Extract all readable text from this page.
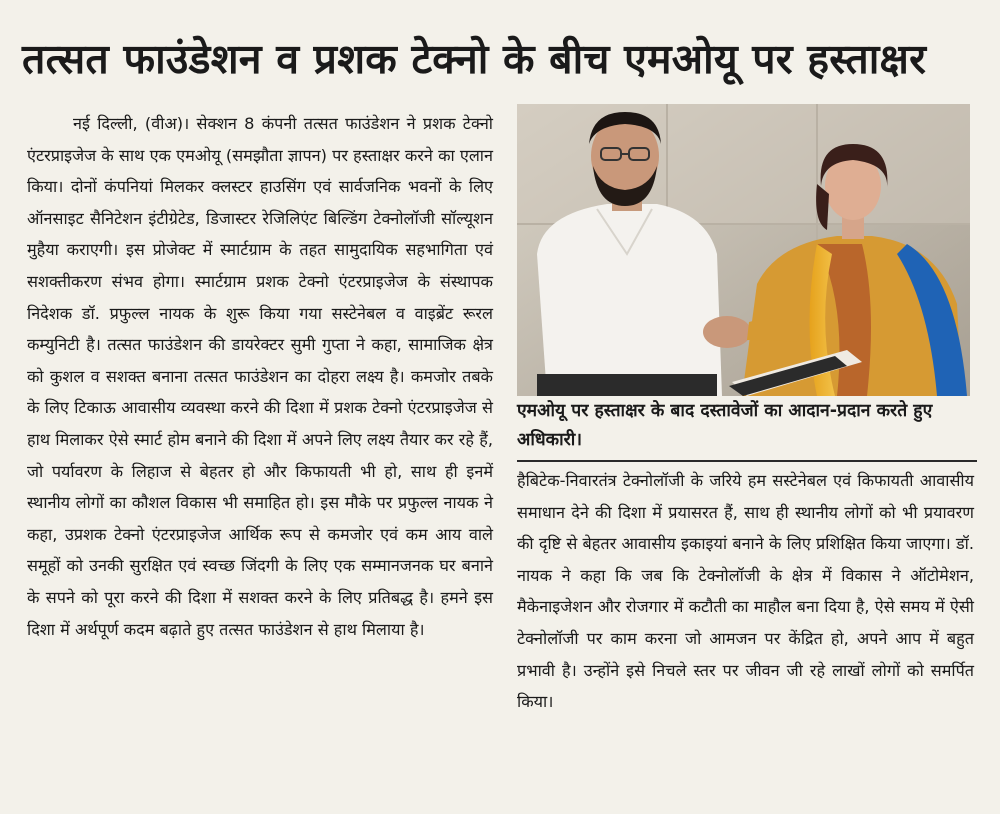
तत्सत फाउंडेशन व प्रशक टेक्नो के बीच एमओयू पर हस्ताक्षर

नई दिल्ली, (वीअ)। सेक्शन 8 कंपनी तत्सत फाउंडेशन ने प्रशक टेक्नो एंटरप्राइजेज के साथ एक एमओयू (समझौता ज्ञापन) पर हस्ताक्षर करने का एलान किया। दोनों कंपनियां मिलकर क्लस्टर हाउसिंग एवं सार्वजनिक भवनों के लिए ऑनसाइट सैनिटेशन इंटीग्रेटेड, डिजास्टर रेजिलिएंट बिल्डिंग टेक्नोलॉजी सॉल्यूशन मुहैया कराएगी। इस प्रोजेक्ट में स्मार्टग्राम के तहत सामुदायिक सहभागिता एवं सशक्तीकरण संभव होगा। स्मार्टग्राम प्रशक टेक्नो एंटरप्राइजेज के संस्थापक निदेशक डॉ. प्रफुल्ल नायक के शुरू किया गया सस्टेनेबल व वाइब्रेंट रूरल कम्युनिटी है। तत्सत फाउंडेशन की डायरेक्टर सुमी गुप्ता ने कहा, सामाजिक क्षेत्र को कुशल व सशक्त बनाना तत्सत फाउंडेशन का दोहरा लक्ष्य है। कमजोर तबके के लिए टिकाऊ आवासीय व्यवस्था करने की दिशा में प्रशक टेक्नो एंटरप्राइजेज से हाथ मिलाकर ऐसे स्मार्ट होम बनाने की दिशा में अपने लिए लक्ष्य तैयार कर रहे हैं, जो पर्यावरण के लिहाज से बेहतर हो और किफायती भी हो, साथ ही इनमें स्थानीय लोगों का कौशल विकास भी समाहित हो। इस मौके पर प्रफुल्ल नायक ने कहा, उप्रशक टेक्नो एंटरप्राइजेज आर्थिक रूप से कमजोर एवं कम आय वाले समूहों को उनकी सुरक्षित एवं स्वच्छ जिंदगी के लिए एक सम्मानजनक घर बनाने के सपने को पूरा करने की दिशा में सशक्त करने के लिए प्रतिबद्ध है। हमने इस दिशा में अर्थपूर्ण कदम बढ़ाते हुए तत्सत फाउंडेशन से हाथ मिलाया है।

एमओयू पर हस्ताक्षर के बाद दस्तावेजों का आदान-प्रदान करते हुए अधिकारी।

हैबिटेक-निवारतंत्र टेक्नोलॉजी के जरिये हम सस्टेनेबल एवं किफायती आवासीय समाधान देने की दिशा में प्रयासरत हैं, साथ ही स्थानीय लोगों को भी प्रयावरण की दृष्टि से बेहतर आवासीय इकाइयां बनाने के लिए प्रशिक्षित किया जाएगा। डॉ. नायक ने कहा कि जब कि टेक्नोलॉजी के क्षेत्र में विकास ने ऑटोमेशन, मैकेनाइजेशन और रोजगार में कटौती का माहौल बना दिया है, ऐसे समय में ऐसी टेक्नोलॉजी पर काम करना जो आमजन पर केंद्रित हो, अपने आप में बहुत प्रभावी है। उन्होंने इसे निचले स्तर पर जीवन जी रहे लाखों लोगों को समर्पित किया।
